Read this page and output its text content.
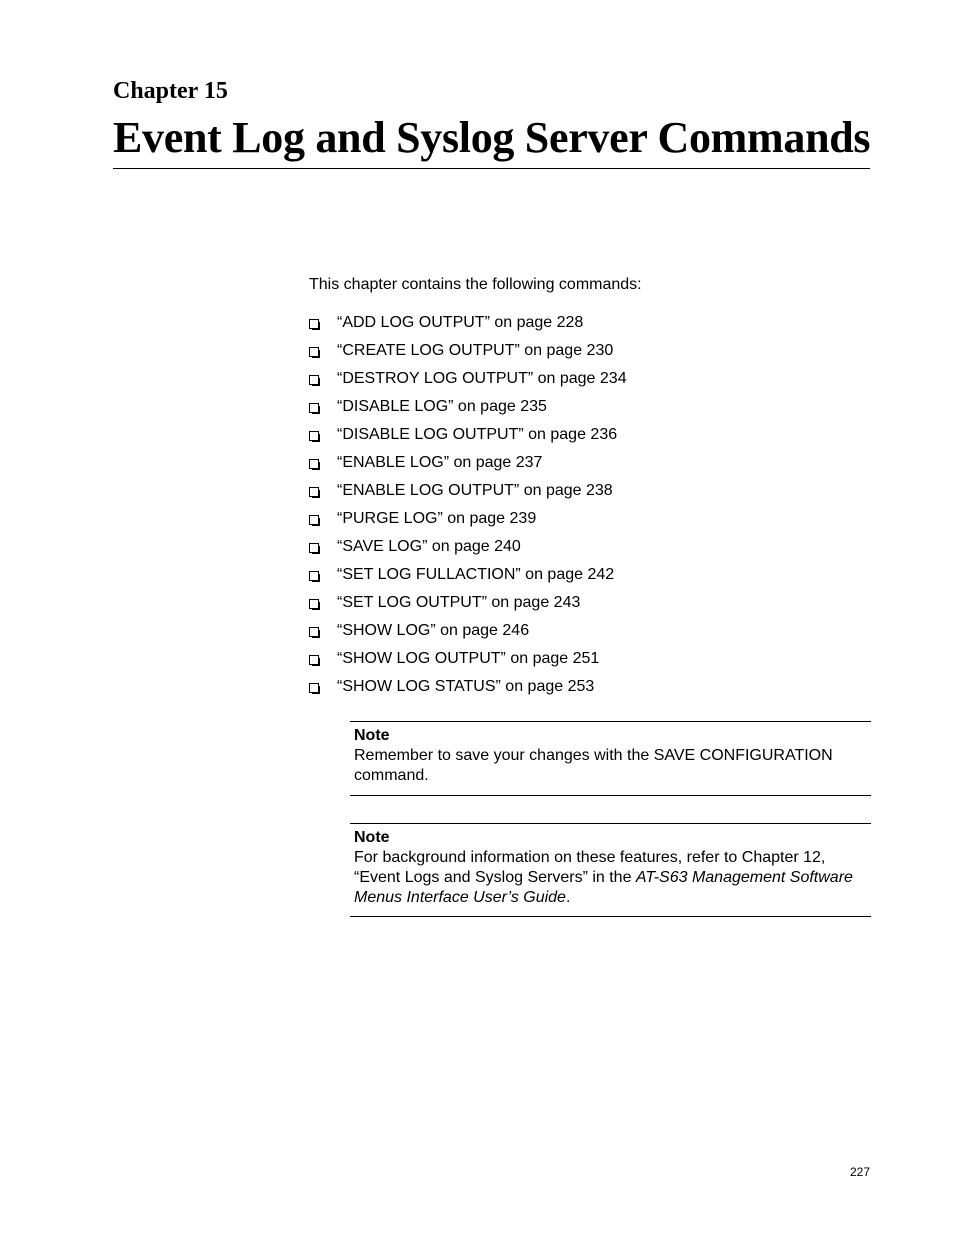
Chapter 15
Event Log and Syslog Server Commands
This chapter contains the following commands:
“ADD LOG OUTPUT” on page 228
“CREATE LOG OUTPUT” on page 230
“DESTROY LOG OUTPUT” on page 234
“DISABLE LOG” on page 235
“DISABLE LOG OUTPUT” on page 236
“ENABLE LOG” on page 237
“ENABLE LOG OUTPUT” on page 238
“PURGE LOG” on page 239
“SAVE LOG” on page 240
“SET LOG FULLACTION” on page 242
“SET LOG OUTPUT” on page 243
“SHOW LOG” on page 246
“SHOW LOG OUTPUT” on page 251
“SHOW LOG STATUS” on page 253
Note
Remember to save your changes with the SAVE CONFIGURATION command.
Note
For background information on these features, refer to Chapter 12, “Event Logs and Syslog Servers” in the AT-S63 Management Software Menus Interface User’s Guide.
227
